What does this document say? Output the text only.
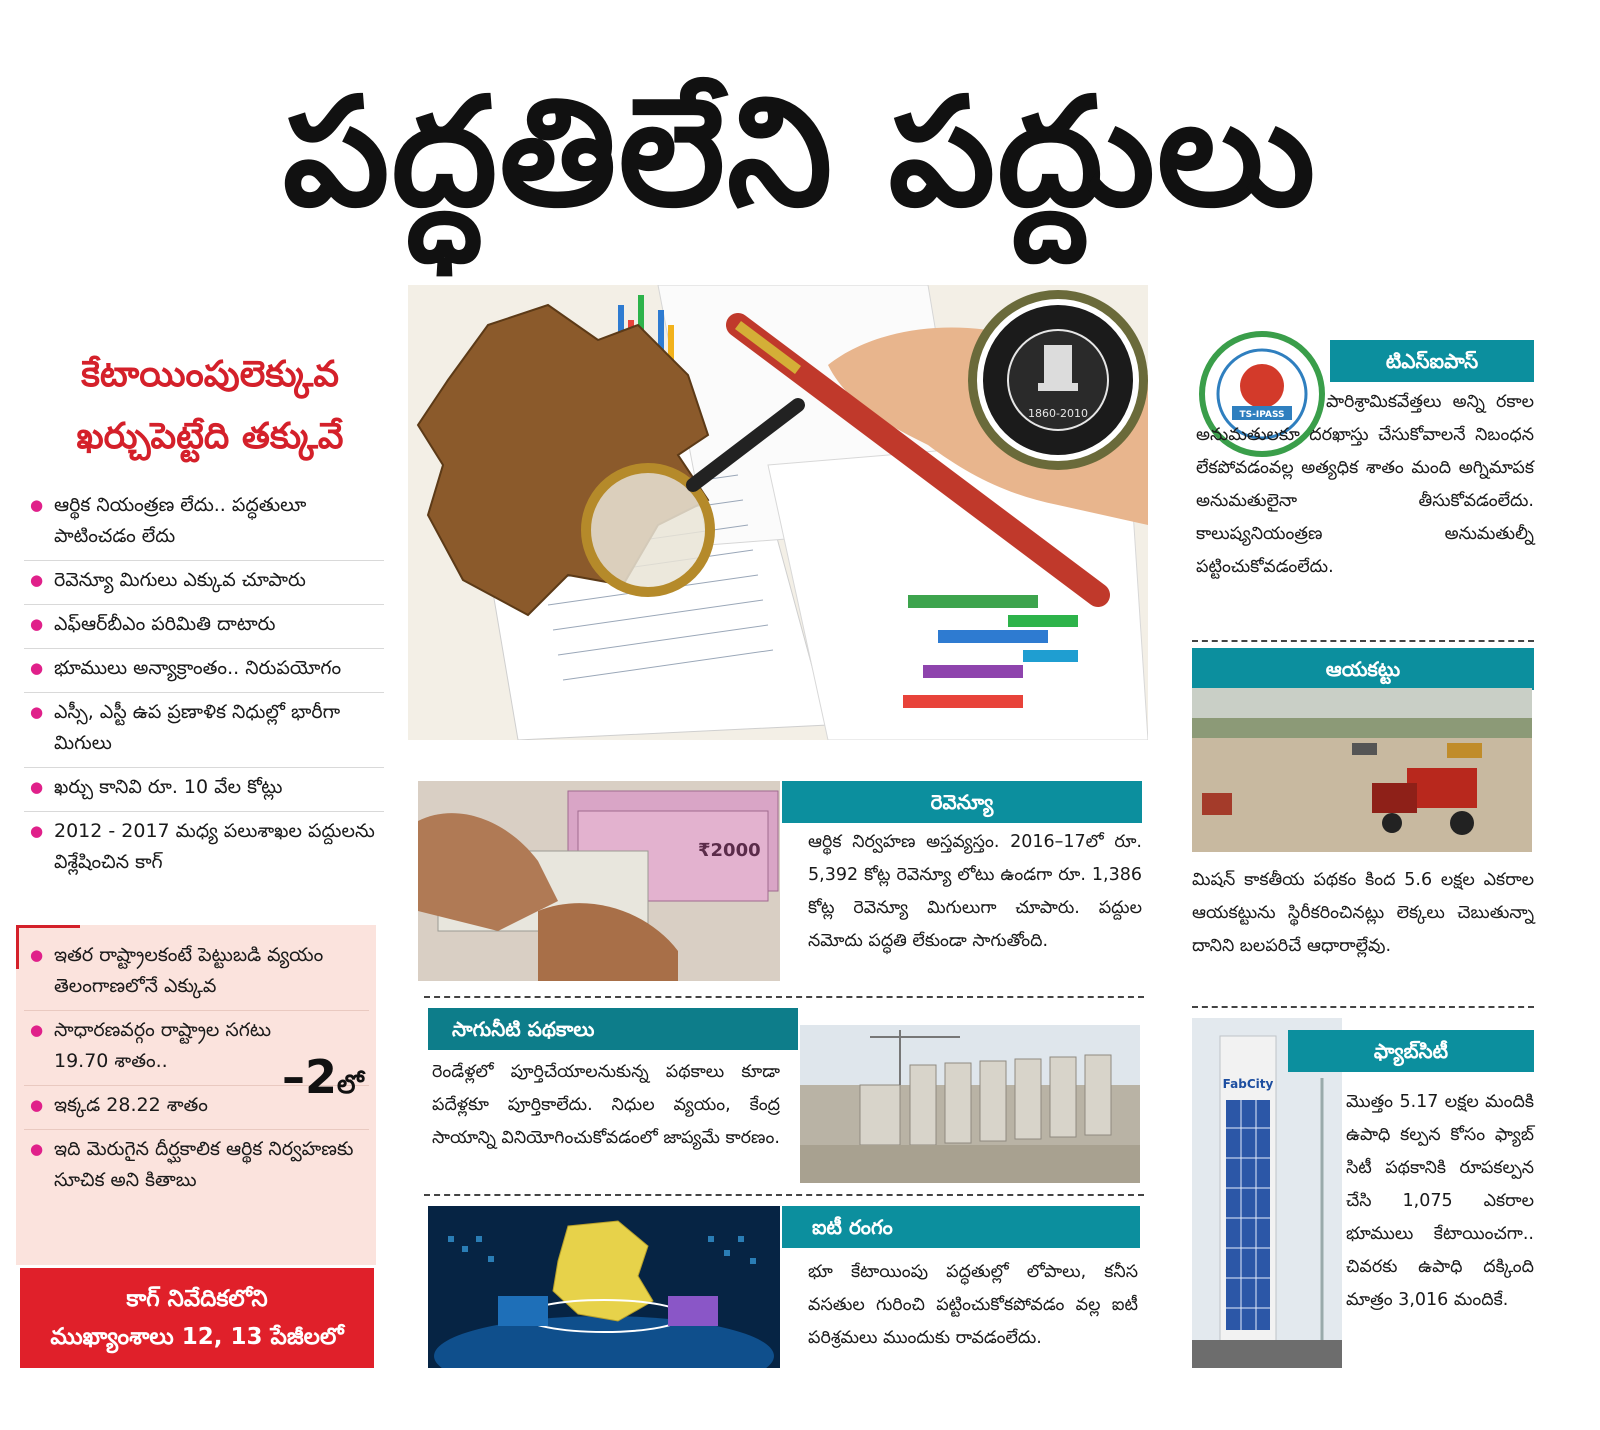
పద్ధతిలేని పద్దులు
కేటాయింపులెక్కువ
ఖర్చుపెట్టేది తక్కువే
● ఆర్థిక నియంత్రణ లేదు.. పద్ధతులూ పాటించడం లేదు
● రెవెన్యూ మిగులు ఎక్కువ చూపారు
● ఎఫ్‌ఆర్‌బీఎం పరిమితి దాటారు
● భూములు అన్యాక్రాంతం.. నిరుపయోగం
● ఎస్సీ, ఎస్టీ ఉప ప్రణాళిక నిధుల్లో భారీగా మిగులు
● ఖర్చు కానివి రూ. 10 వేల కోట్లు
● 2012 - 2017 మధ్య పలుశాఖల పద్దులను విశ్లేషించిన కాగ్
● ఇతర రాష్ట్రాలకంటే పెట్టుబడి వ్యయం తెలంగాణలోనే ఎక్కువ
● సాధారణవర్గం రాష్ట్రాల సగటు 19.70 శాతం..
● ఇక్కడ 28.22 శాతం
● ఇది మెరుగైన దీర్ఘకాలిక ఆర్థిక నిర్వహణకు సూచిక అని కితాబు
–2లో
కాగ్ నివేదికలోని
ముఖ్యాంశాలు 12, 13 పేజీలలో
1860-2010	TS-IPASS
టిఎస్‌ఐపాస్
పారిశ్రామికవేత్తలు అన్ని రకాల అనుమతులకూ దరఖాస్తు చేసుకోవాలనే నిబంధన లేకపోవడంవల్ల అత్యధిక శాతం మంది అగ్నిమాపక అనుమతులైనా తీసుకోవడంలేదు. కాలుష్యనియంత్రణ అనుమతుల్నీ పట్టించుకోవడంలేదు.
ఆయకట్టు
మిషన్ కాకతీయ పథకం కింద 5.6 లక్షల ఎకరాల ఆయకట్టును స్థిరీకరించినట్లు లెక్కలు చెబుతున్నా దానిని బలపరిచే ఆధారాల్లేవు.
FabCity
ఫ్యాబ్‌సిటీ
మొత్తం 5.17 లక్షల మందికి ఉపాధి కల్పన కోసం ఫ్యాబ్ సిటీ పథకానికి రూపకల్పన చేసి 1,075 ఎకరాల భూములు కేటాయించగా.. చివరకు ఉపాధి దక్కింది మాత్రం 3,016 మందికే.
₹2000
రెవెన్యూ
ఆర్థిక నిర్వహణ అస్తవ్యస్తం. 2016–17లో రూ. 5,392 కోట్ల రెవెన్యూ లోటు ఉండగా రూ. 1,386 కోట్ల రెవెన్యూ మిగులుగా చూపారు. పద్దుల నమోదు పద్ధతి లేకుండా సాగుతోంది.
సాగునీటి పథకాలు
రెండేళ్లలో పూర్తిచేయాలనుకున్న పథకాలు కూడా పదేళ్లకూ పూర్తికాలేదు. నిధుల వ్యయం, కేంద్ర సాయాన్ని వినియోగించుకోవడంలో జాప్యమే కారణం.
ఐటీ రంగం
భూ కేటాయింపు పద్ధతుల్లో లోపాలు, కనీస వసతుల గురించి పట్టించుకోకపోవడం వల్ల ఐటీ పరిశ్రమలు ముందుకు రావడంలేదు.
